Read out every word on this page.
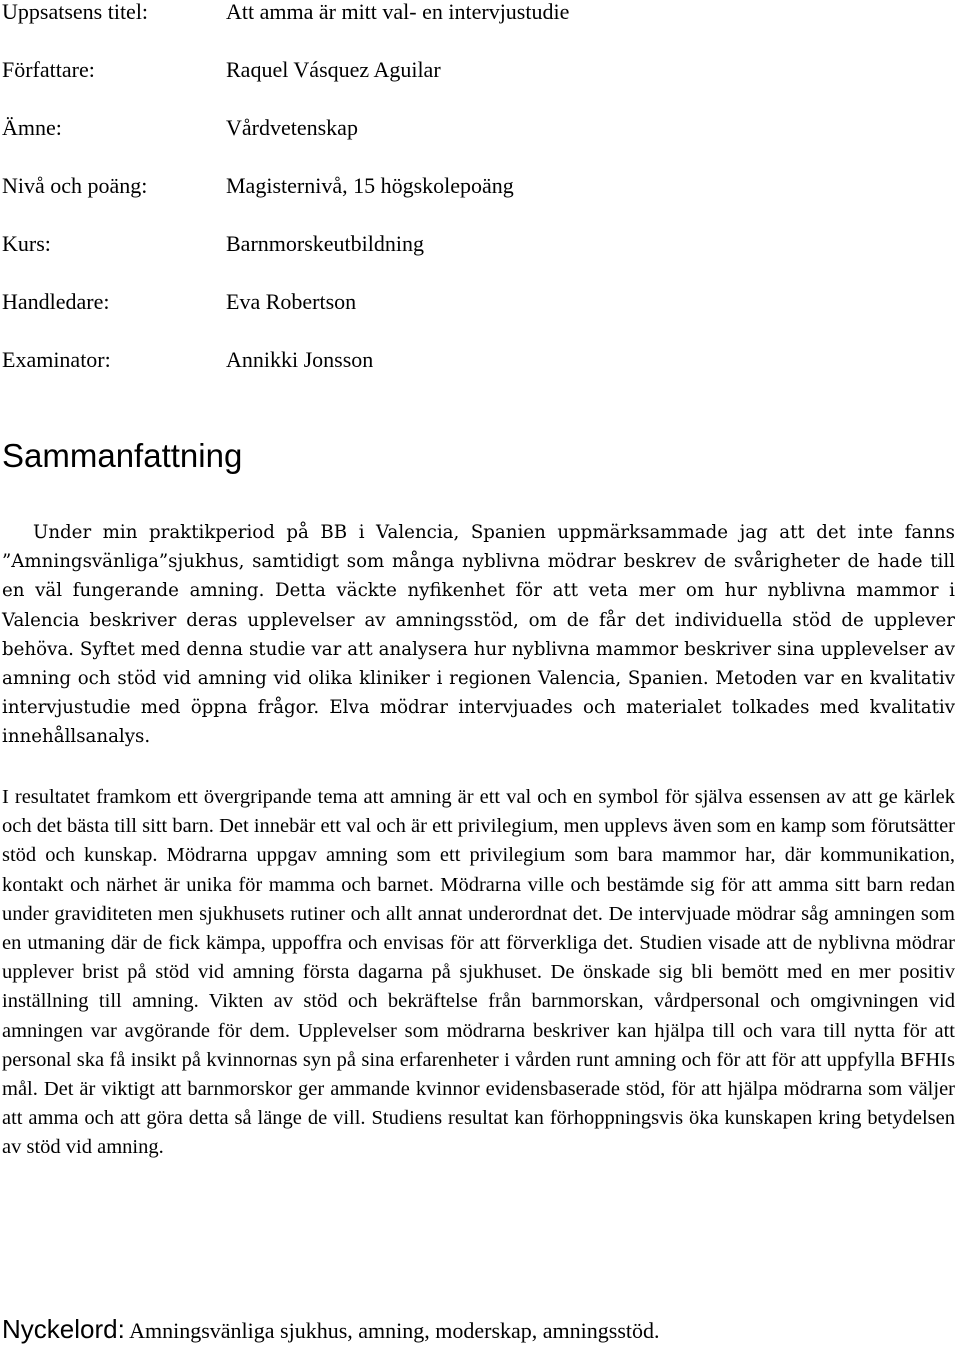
Uppsatsens titel:	Att amma är mitt val- en intervjustudie
Författare:	Raquel Vásquez Aguilar
Ämne:	Vårdvetenskap
Nivå och poäng:	Magisternivå, 15 högskolepoäng
Kurs:	Barnmorskeutbildning
Handledare:	Eva Robertson
Examinator:	Annikki Jonsson
Sammanfattning

Under min praktikperiod på BB i Valencia, Spanien uppmärksammade jag att det inte fanns ”Amningsvänliga”sjukhus, samtidigt som många nyblivna mödrar beskrev de svårigheter de hade till en väl fungerande amning. Detta väckte nyfikenhet för att veta mer om hur nyblivna mammor i Valencia beskriver deras upplevelser av amningsstöd, om de får det individuella stöd de upplever behöva. Syftet med denna studie var att analysera hur nyblivna mammor beskriver sina upplevelser av amning och stöd vid amning vid olika kliniker i regionen Valencia, Spanien. Metoden var en kvalitativ intervjustudie med öppna frågor. Elva mödrar intervjuades och materialet tolkades med kvalitativ innehållsanalys.

I resultatet framkom ett övergripande tema att amning är ett val och en symbol för själva essensen av att ge kärlek och det bästa till sitt barn. Det innebär ett val och är ett privilegium, men upplevs även som en kamp som förutsätter stöd och kunskap. Mödrarna uppgav amning som ett privilegium som bara mammor har, där kommunikation, kontakt och närhet är unika för mamma och barnet. Mödrarna ville och bestämde sig för att amma sitt barn redan under graviditeten men sjukhusets rutiner och allt annat underordnat det. De intervjuade mödrar såg amningen som en utmaning där de fick kämpa, uppoffra och envisas för att förverkliga det. Studien visade att de nyblivna mödrar upplever brist på stöd vid amning första dagarna på sjukhuset. De önskade sig bli bemött med en mer positiv inställning till amning. Vikten av stöd och bekräftelse från barnmorskan, vårdpersonal och omgivningen vid amningen var avgörande för dem. Upplevelser som mödrarna beskriver kan hjälpa till och vara till nytta för att personal ska få insikt på kvinnornas syn på sina erfarenheter i vården runt amning och för att för att uppfylla BFHIs mål. Det är viktigt att barnmorskor ger ammande kvinnor evidensbaserade stöd, för att hjälpa mödrarna som väljer att amma och att göra detta så länge de vill. Studiens resultat kan förhoppningsvis öka kunskapen kring betydelsen av stöd vid amning.

Nyckelord: Amningsvänliga sjukhus, amning, moderskap, amningsstöd.
